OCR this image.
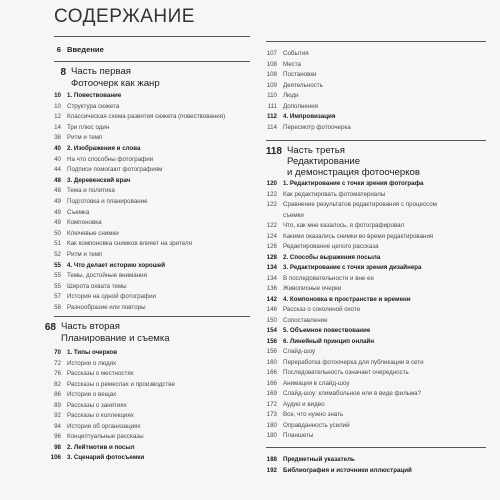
СОДЕРЖАНИЕ
6 Введение
8 Часть первая
Фотоочерк как жанр
10 1. Повествование
10 Структура сюжета
12 Классическая схема развития сюжета (повествования)
14 Три плюс один
38 Ритм и темп
40 2. Изображения и слова
40 На что способны фотографии
44 Подписи помогают фотографиям
48 3. Деревенский врач
48 Тема и политика
49 Подготовка и планирование
49 Съемка
49 Компоновка
50 Ключевые снимки
51 Как компоновка снимков влияет на зрителя
52 Ритм и темп
55 4. Что делает историю хорошей
55 Темы, достойные внимания
55 Широта охвата темы
57 История на одной фотографии
58 Разнообразие или повторы
68 Часть вторая
Планирование и съемка
70 1. Типы очерков
72 Истории о людях
76 Рассказы о местностях
82 Рассказы о ремеслах и производстве
86 Истории о вещах
89 Рассказы о занятиях
92 Рассказы о коллекциях
94 Истории об организациях
96 Концептуальные рассказы
98 2. Лейтмотив и посыл
106 3. Сценарий фотосъемки
107 События
108 Места
108 Постановки
109 Деятельность
110 Люди
111 Дополнения
112 4. Импровизация
114 Пересмотр фотоочерка
118 Часть третья
Редактирование
и демонстрация фотоочерков
120 1. Редактирование с точки зрения фотографа
122 Как редактировать фотоматериалы
122 Сравнение результатов редактирования с процессом
съемки
122 Что, как мне казалось, я фотографировал
124 Какими оказались снимки во время редактирования
126 Редактирование целого рассказа
128 2. Способы выражения посыла
134 3. Редактирование с точки зрения дизайнера
134 В последовательности и вне ее
136 Живописные очерки
142 4. Компоновка в пространстве и времени
146 Рассказ о соколиной охоте
150 Сопоставление
154 5. Объемное повествование
156 6. Линейный принцип онлайн
156 Слайд-шоу
160 Переработка фотоочерка для публикации в сети
166 Последовательность означает очередность
166 Анимация в слайд-шоу
169 Слайд-шоу: климабольное или в виде фильма?
172 Аудио и видео
173 Все, что нужно знать
180 Оправданность усилий
180 Планшеты
188 Предметный указатель
192 Библиография и источники иллюстраций
